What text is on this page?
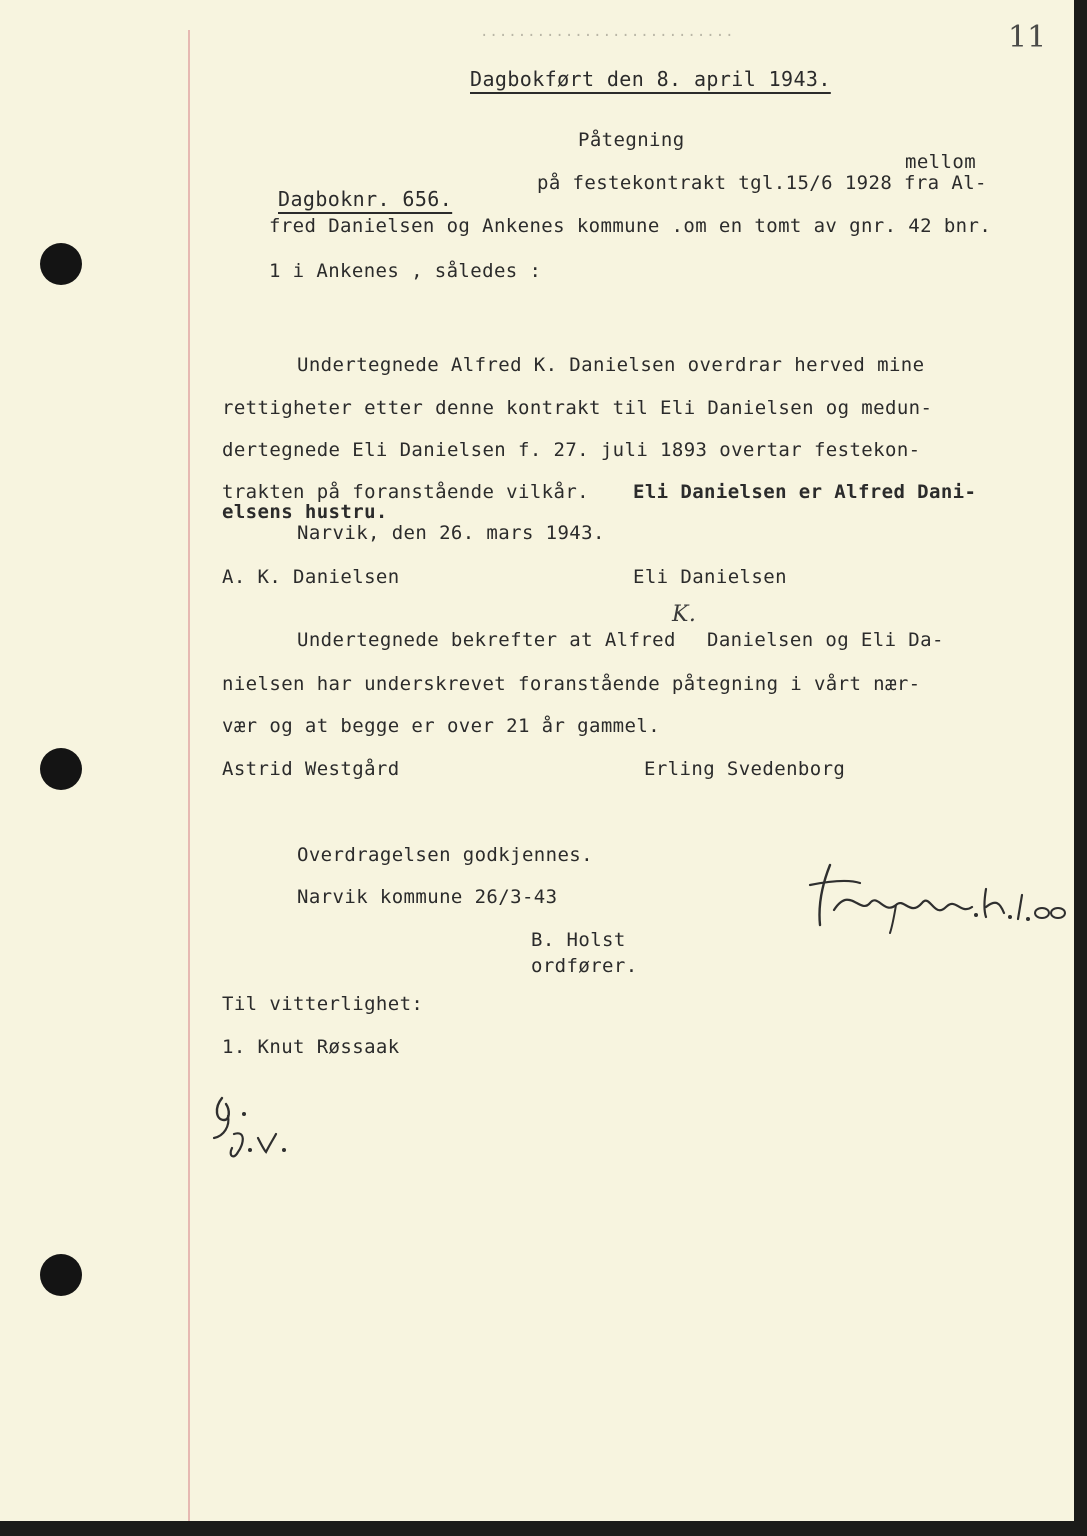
...........................	11
Dagbokført den 8. april 1943.
Påtegning
mellom
på festekontrakt tgl.15/6 1928 fra Al-
Dagboknr. 656.
fred Danielsen og Ankenes kommune .om en tomt av gnr. 42 bnr.
1 i Ankenes , således :
Undertegnede Alfred K. Danielsen overdrar herved mine
rettigheter etter denne kontrakt til Eli Danielsen og medun-
dertegnede Eli Danielsen f. 27. juli 1893 overtar festekon-
trakten på foranstående vilkår. Eli Danielsen er Alfred Dani-
elsens hustru.
Narvik, den 26. mars 1943.
A. K. Danielsen	Eli Danielsen
Undertegnede bekrefter at Alfred Danielsen og Eli Da-
K.
nielsen har underskrevet foranstående påtegning i vårt nær-
vær og at begge er over 21 år gammel.
Astrid Westgård	Erling Svedenborg
Overdragelsen godkjennes.
Narvik kommune 26/3-43
B. Holst
ordfører.
Til vitterlighet:
1. Knut Røssaak
